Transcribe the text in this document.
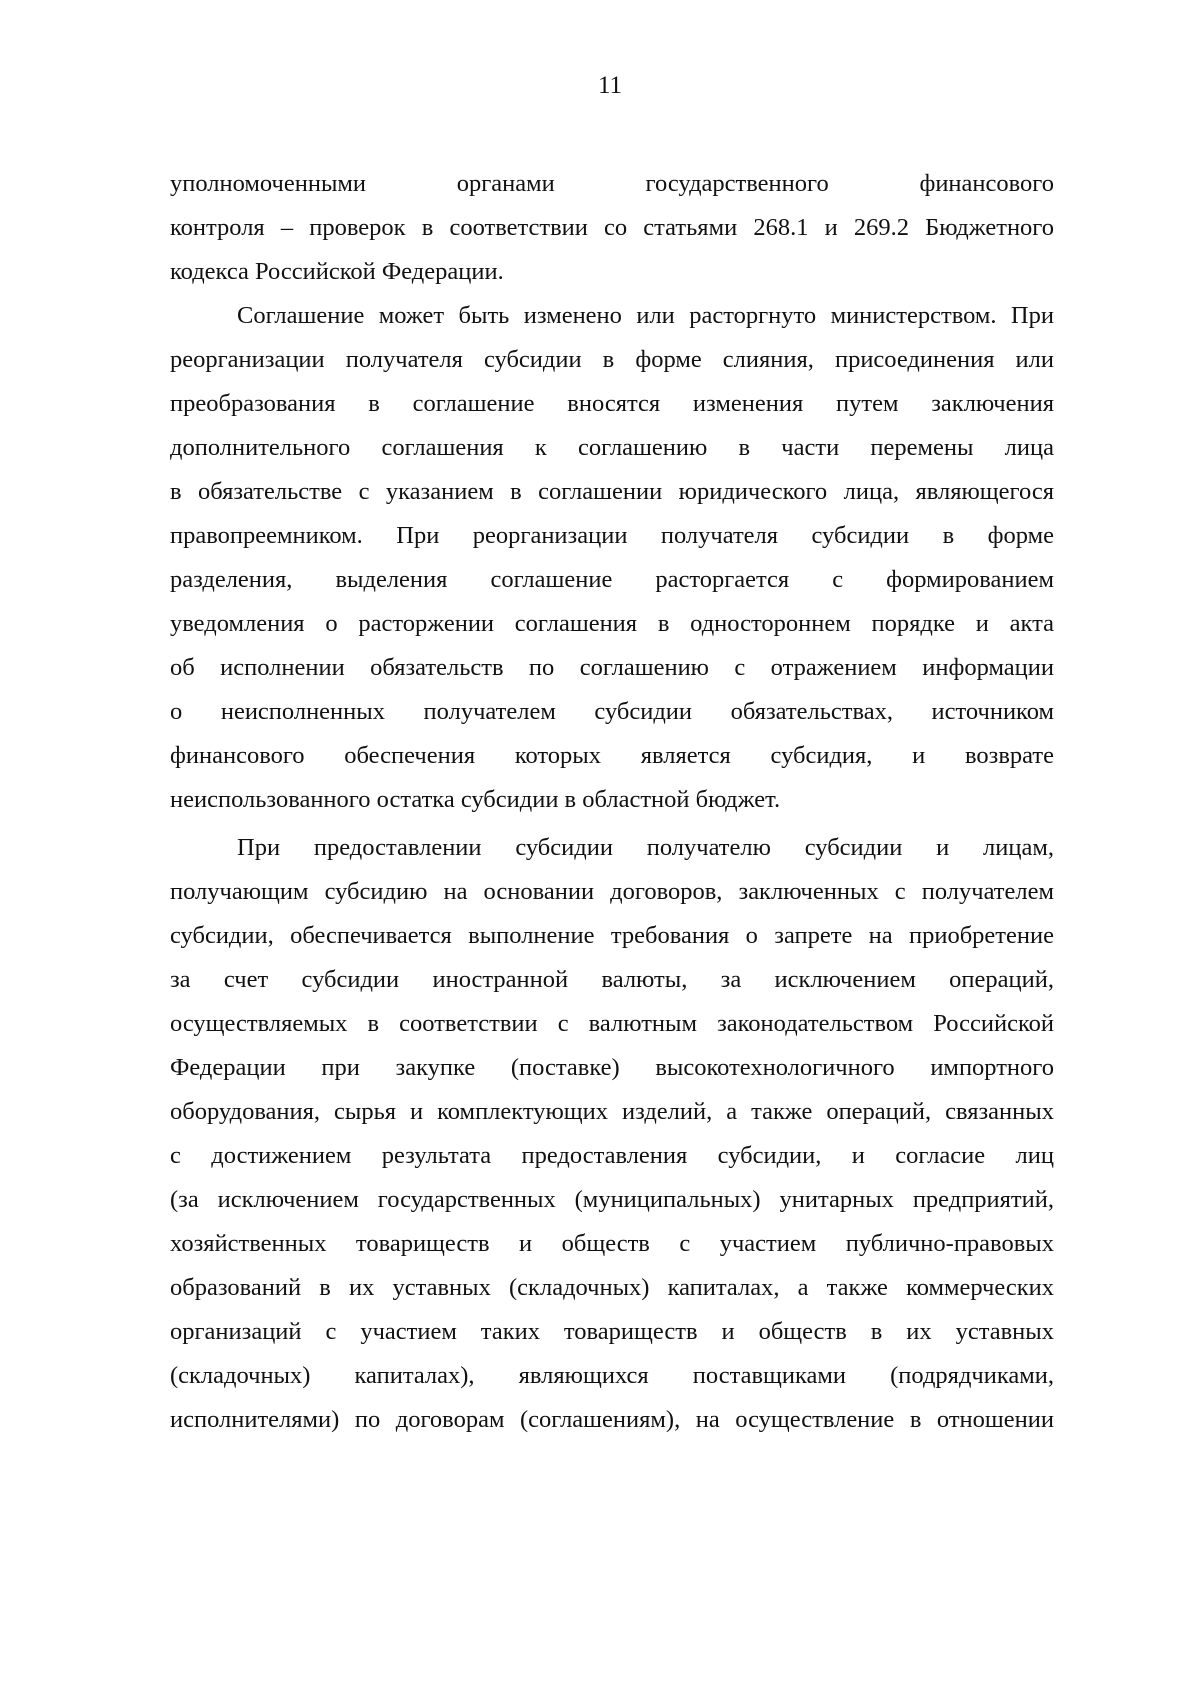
11
уполномоченными органами государственного финансового
контроля – проверок в соответствии со статьями 268.1 и 269.2 Бюджетного
кодекса Российской Федерации.
Соглашение может быть изменено или расторгнуто министерством. При
реорганизации получателя субсидии в форме слияния, присоединения или
преобразования в соглашение вносятся изменения путем заключения
дополнительного соглашения к соглашению в части перемены лица
в обязательстве с указанием в соглашении юридического лица, являющегося
правопреемником. При реорганизации получателя субсидии в форме
разделения, выделения соглашение расторгается с формированием
уведомления о расторжении соглашения в одностороннем порядке и акта
об исполнении обязательств по соглашению с отражением информации
о неисполненных получателем субсидии обязательствах, источником
финансового обеспечения которых является субсидия, и возврате
неиспользованного остатка субсидии в областной бюджет.
При предоставлении субсидии получателю субсидии и лицам,
получающим субсидию на основании договоров, заключенных с получателем
субсидии, обеспечивается выполнение требования о запрете на приобретение
за счет субсидии иностранной валюты, за исключением операций,
осуществляемых в соответствии с валютным законодательством Российской
Федерации при закупке (поставке) высокотехнологичного импортного
оборудования, сырья и комплектующих изделий, а также операций, связанных
с достижением результата предоставления субсидии, и согласие лиц
(за исключением государственных (муниципальных) унитарных предприятий,
хозяйственных товариществ и обществ с участием публично-правовых
образований в их уставных (складочных) капиталах, а также коммерческих
организаций с участием таких товариществ и обществ в их уставных
(складочных) капиталах), являющихся поставщиками (подрядчиками,
исполнителями) по договорам (соглашениям), на осуществление в отношении
